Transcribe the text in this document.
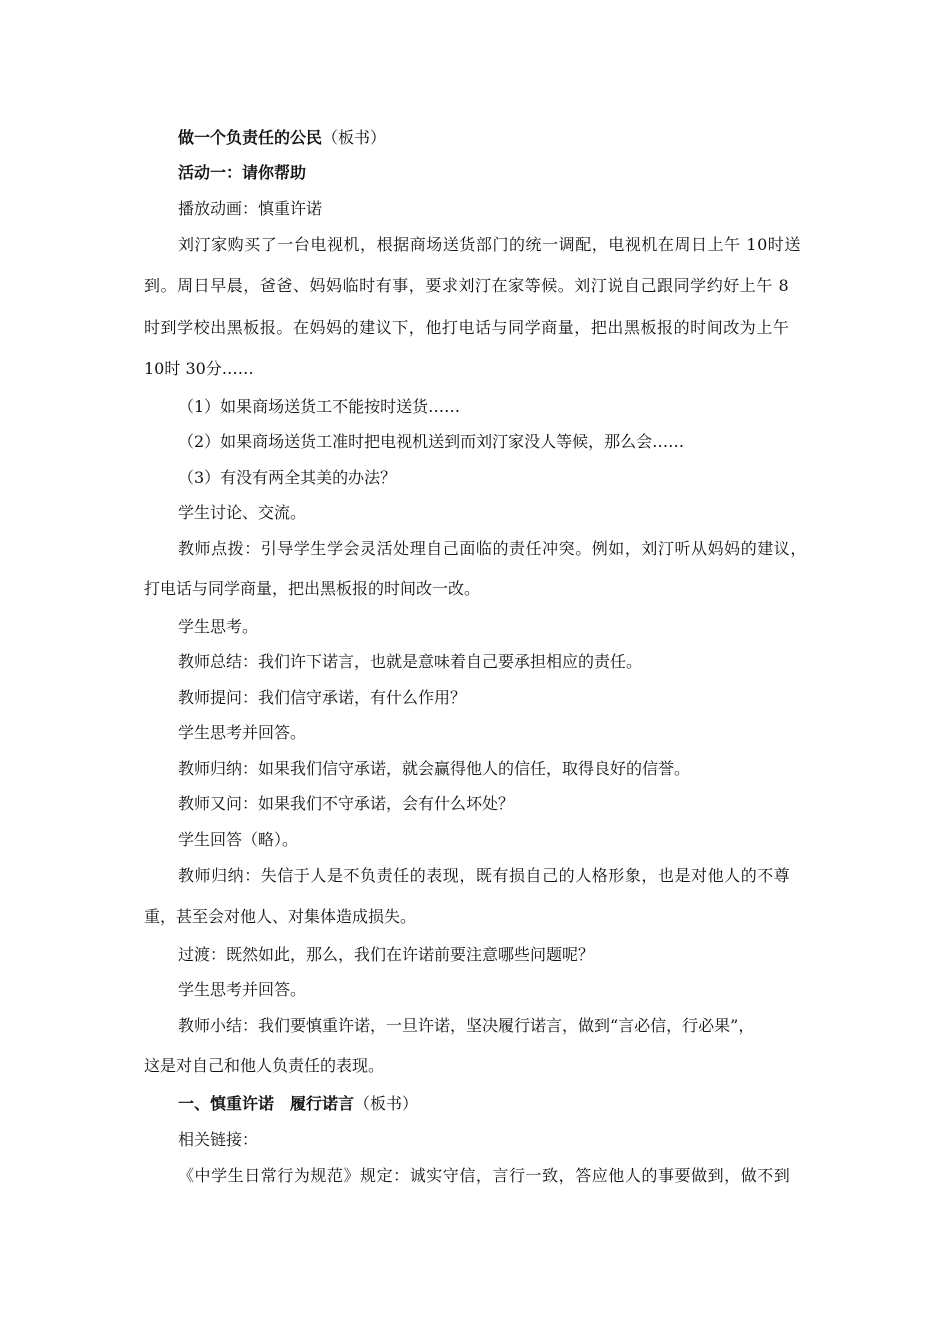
做一个负责任的公民（板书）
活动一：请你帮助
播放动画：慎重许诺
刘汀家购买了一台电视机，根据商场送货部门的统一调配，电视机在周日上午 10时送
到。周日早晨，爸爸、妈妈临时有事，要求刘汀在家等候。刘汀说自己跟同学约好上午 8
时到学校出黑板报。在妈妈的建议下，他打电话与同学商量，把出黑板报的时间改为上午
10时 30分……
（1）如果商场送货工不能按时送货……
（2）如果商场送货工准时把电视机送到而刘汀家没人等候，那么会……
（3）有没有两全其美的办法？
学生讨论、交流。
教师点拨：引导学生学会灵活处理自己面临的责任冲突。例如，刘汀听从妈妈的建议，
打电话与同学商量，把出黑板报的时间改一改。
学生思考。
教师总结：我们许下诺言，也就是意味着自己要承担相应的责任。
教师提问：我们信守承诺，有什么作用？
学生思考并回答。
教师归纳：如果我们信守承诺，就会赢得他人的信任，取得良好的信誉。
教师又问：如果我们不守承诺，会有什么坏处？
学生回答（略）。
教师归纳：失信于人是不负责任的表现，既有损自己的人格形象，也是对他人的不尊
重，甚至会对他人、对集体造成损失。
过渡：既然如此，那么，我们在许诺前要注意哪些问题呢？
学生思考并回答。
教师小结：我们要慎重许诺，一旦许诺，坚决履行诺言，做到“言必信，行必果”，
这是对自己和他人负责任的表现。
一、慎重许诺　履行诺言（板书）
相关链接：
《中学生日常行为规范》规定：诚实守信，言行一致，答应他人的事要做到，做不到
